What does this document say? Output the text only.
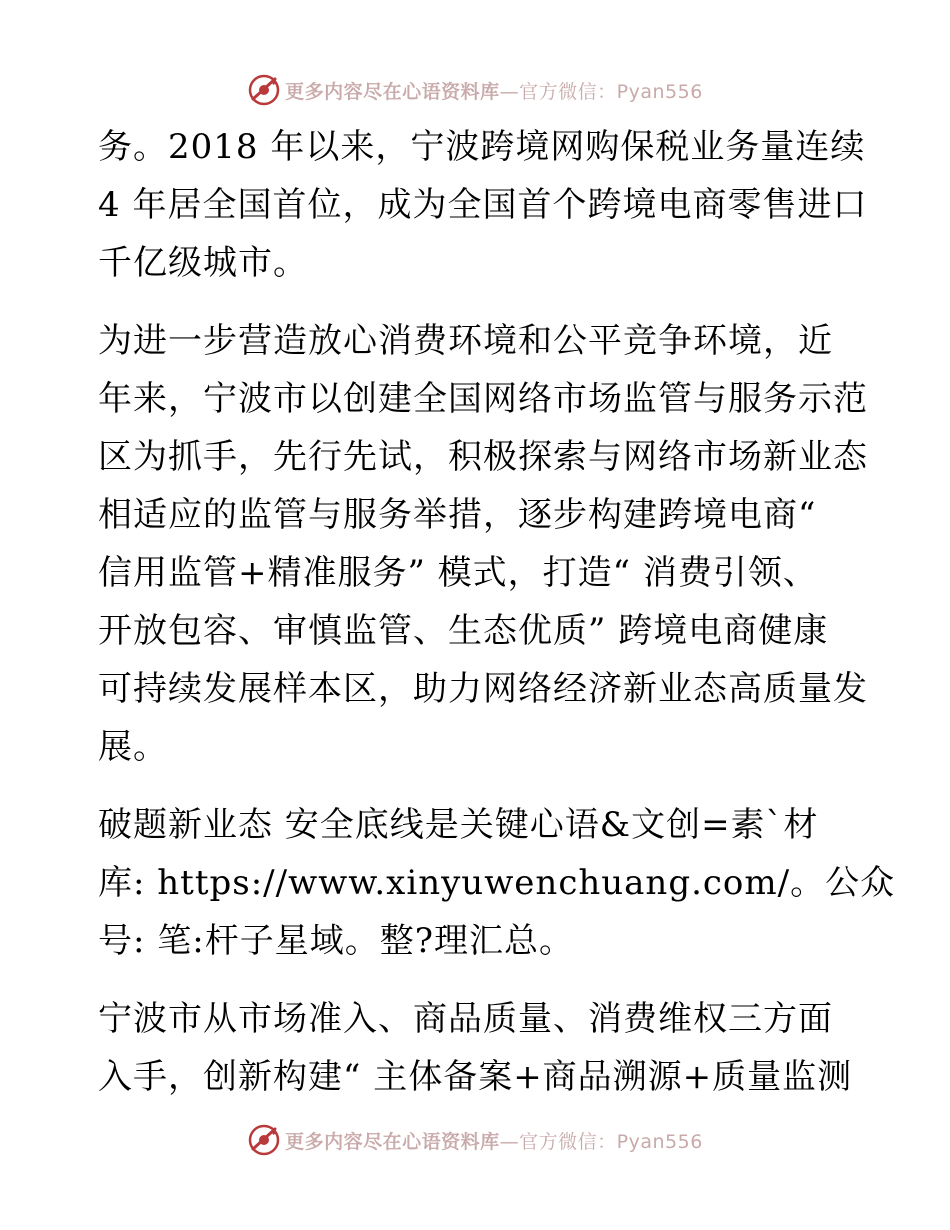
更多内容尽在心语资料库—官方微信：Pyan556
务。2018 年以来，宁波跨境网购保税业务量连续
4 年居全国首位，成为全国首个跨境电商零售进口
千亿级城市。
为进一步营造放心消费环境和公平竞争环境，近
年来，宁波市以创建全国网络市场监管与服务示范
区为抓手，先行先试，积极探索与网络市场新业态
相适应的监管与服务举措，逐步构建跨境电商“
信用监管+精准服务” 模式，打造“ 消费引领、
开放包容、审慎监管、生态优质” 跨境电商健康
可持续发展样本区，助力网络经济新业态高质量发
展。
破题新业态 安全底线是关键心语&文创=素`材
库: https://www.xinyuwenchuang.com/。公众
号: 笔:杆子星域。整?理汇总。
宁波市从市场准入、商品质量、消费维权三方面
入手，创新构建“ 主体备案+商品溯源+质量监测
更多内容尽在心语资料库—官方微信：Pyan556
